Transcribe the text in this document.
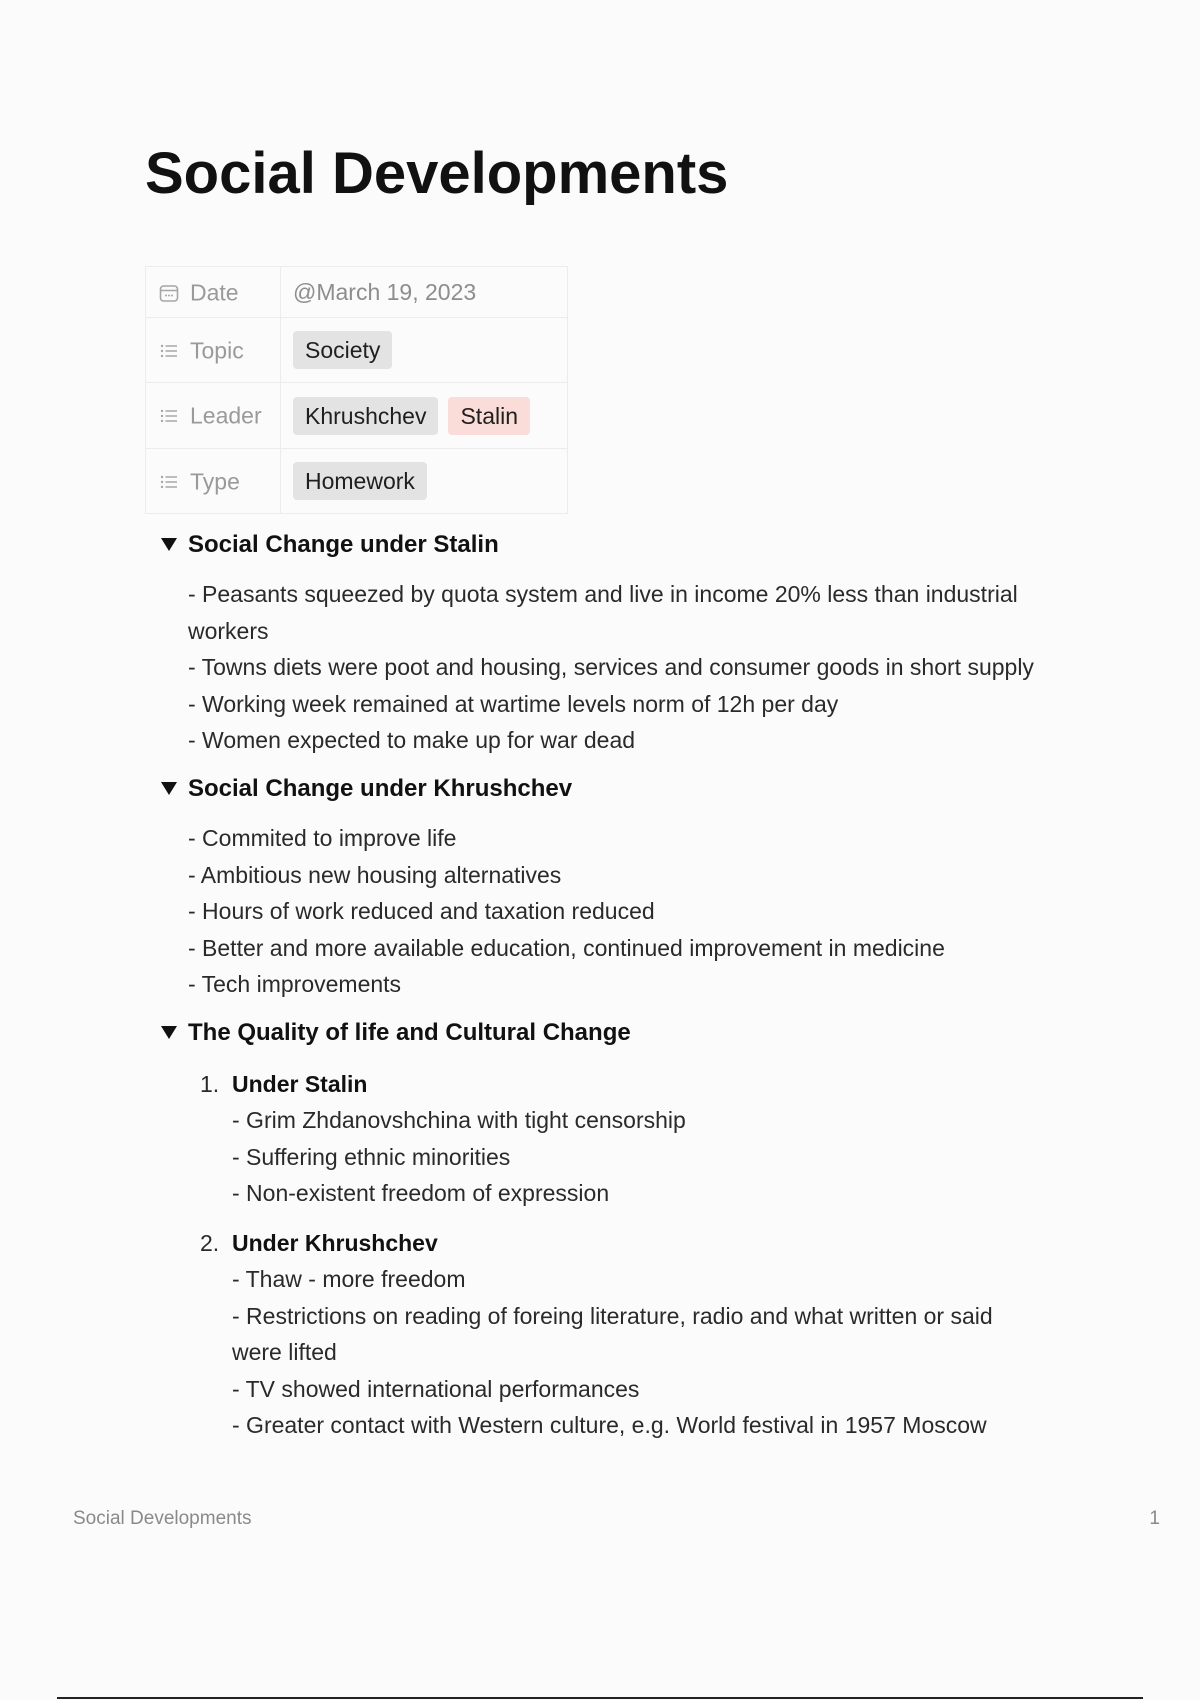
Social Developments
Date	@March 19, 2023
Topic	Society
Leader	Khrushchev Stalin
Type	Homework
Social Change under Stalin
- Peasants squeezed by quota system and live in income 20% less than industrial
workers
- Towns diets were poot and housing, services and consumer goods in short supply
- Working week remained at wartime levels norm of 12h per day
- Women expected to make up for war dead
Social Change under Khrushchev
- Commited to improve life
- Ambitious new housing alternatives
- Hours of work reduced and taxation reduced
- Better and more available education, continued improvement in medicine
- Tech improvements
The Quality of life and Cultural Change
1. Under Stalin
- Grim Zhdanovshchina with tight censorship
- Suffering ethnic minorities
- Non-existent freedom of expression
2. Under Khrushchev
- Thaw - more freedom
- Restrictions on reading of foreing literature, radio and what written or said
were lifted
- TV showed international performances
- Greater contact with Western culture, e.g. World festival in 1957 Moscow
Social Developments	1
